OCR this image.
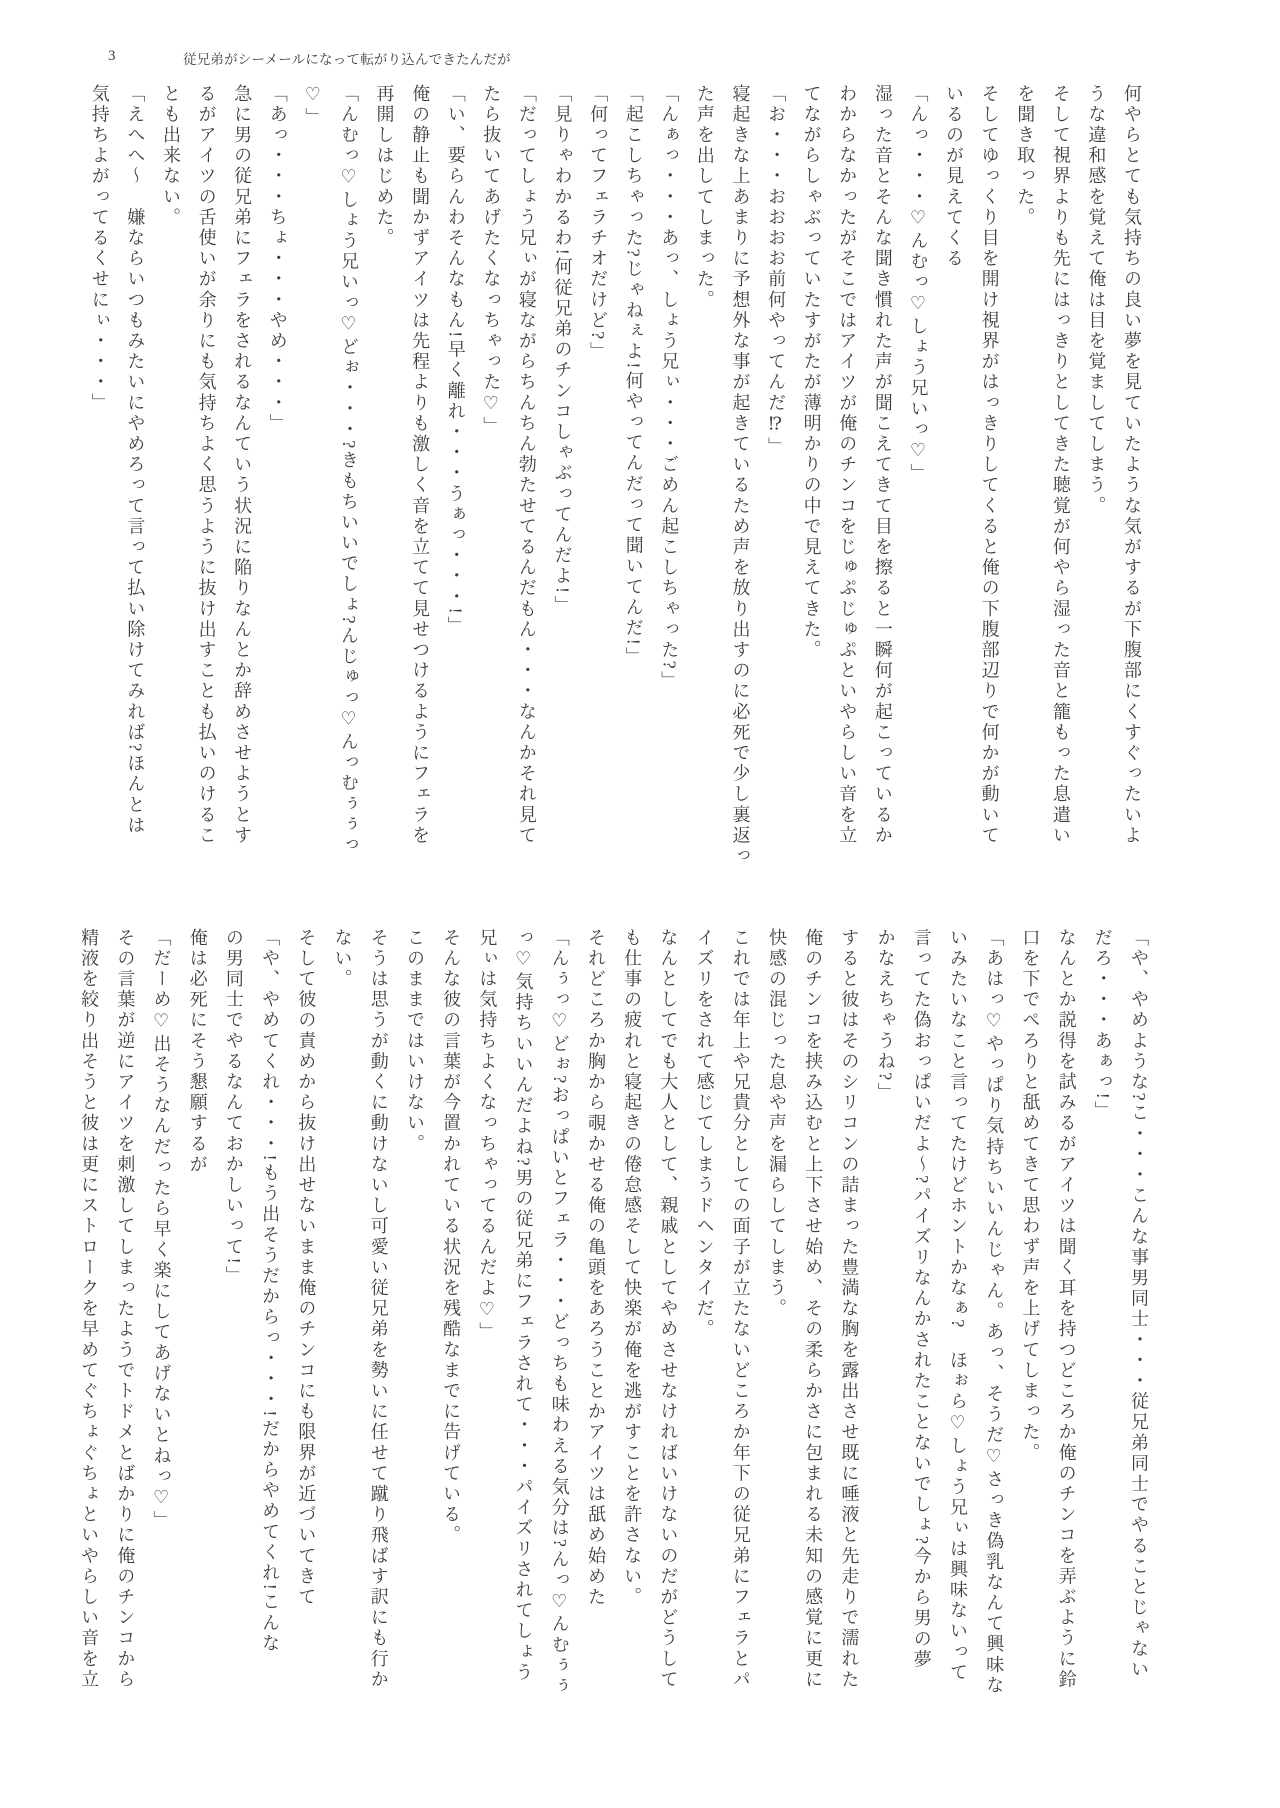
3	従兄弟がシーメールになって転がり込んできたんだが
何やらとても気持ちの良い夢を見ていたような気がするが下腹部にくすぐったいよ
うな違和感を覚えて俺は目を覚ましてしまう。
そして視界よりも先にはっきりとしてきた聴覚が何やら湿った音と籠もった息遣い
を聞き取った。
そしてゆっくり目を開け視界がはっきりしてくると俺の下腹部辺りで何かが動いて
いるのが見えてくる
「んっ・・・♡んむっ♡しょう兄いっ♡」
湿った音とそんな聞き慣れた声が聞こえてきて目を擦ると一瞬何が起こっているか
わからなかったがそこではアイツが俺のチンコをじゅぷじゅぷといやらしい音を立
てながらしゃぶっていたすがたが薄明かりの中で見えてきた。
「お・・・おおおお前何やってんだ⁉」
寝起きな上あまりに予想外な事が起きているため声を放り出すのに必死で少し裏返っ
た声を出してしまった。
「んぁっ・・・あっ、しょう兄ぃ・・・ごめん起こしちゃった?」
「起こしちゃった?じゃねぇよ!何やってんだって聞いてんだ!」
「何ってフェラチオだけど?」
「見りゃわかるわ!何従兄弟のチンコしゃぶってんだよ!」
「だってしょう兄ぃが寝ながらちんちん勃たせてるんだもん・・・なんかそれ見て
たら抜いてあげたくなっちゃった♡」
「い、要らんわそんなもん!早く離れ・・・うぁっ・・・!」
俺の静止も聞かずアイツは先程よりも激しく音を立てて見せつけるようにフェラを
再開しはじめた。
「んむっ♡しょう兄いっ♡どぉ・・・?きもちいいでしょ?んじゅっ♡んっむぅぅっ
♡」
「あっ・・・ちょ・・・やめ・・・」
急に男の従兄弟にフェラをされるなんていう状況に陥りなんとか辞めさせようとす
るがアイツの舌使いが余りにも気持ちよく思うように抜け出すことも払いのけるこ
とも出来ない。
「えへへ～　嫌ならいつもみたいにやめろって言って払い除けてみれば?ほんとは
気持ちよがってるくせにぃ・・・」
「や、やめような?こ・・・こんな事男同士・・・従兄弟同士でやることじゃない
だろ・・・あぁっ!」
なんとか説得を試みるがアイツは聞く耳を持つどころか俺のチンコを弄ぶように鈴
口を下でぺろりと舐めてきて思わず声を上げてしまった。
「あはっ♡やっぱり気持ちいいんじゃん。あっ、そうだ♡さっき偽乳なんて興味な
いみたいなこと言ってたけどホントかなぁ?　ほぉら♡しょう兄ぃは興味ないって
言ってた偽おっぱいだよ～?パイズリなんかされたことないでしょ?今から男の夢
かなえちゃうね?」
すると彼はそのシリコンの詰まった豊満な胸を露出させ既に唾液と先走りで濡れた
俺のチンコを挟み込むと上下させ始め、その柔らかさに包まれる未知の感覚に更に
快感の混じった息や声を漏らしてしまう。
これでは年上や兄貴分としての面子が立たないどころか年下の従兄弟にフェラとパ
イズリをされて感じてしまうドヘンタイだ。
なんとしてでも大人として、親戚としてやめさせなければいけないのだがどうして
も仕事の疲れと寝起きの倦怠感そして快楽が俺を逃がすことを許さない。
それどころか胸から覗かせる俺の亀頭をあろうことかアイツは舐め始めた
「んぅっ♡どぉ?おっぱいとフェラ・・・どっちも味わえる気分は?んっ♡んむぅぅ
っ♡気持ちいいんだよね?男の従兄弟にフェラされて・・・パイズリされてしょう
兄ぃは気持ちよくなっちゃってるんだよ♡」
そんな彼の言葉が今置かれている状況を残酷なまでに告げている。
このままではいけない。
そうは思うが動くに動けないし可愛い従兄弟を勢いに任せて蹴り飛ばす訳にも行か
ない。
そして彼の責めから抜け出せないまま俺のチンコにも限界が近づいてきて
「や、やめてくれ・・・!もう出そうだからっ・・・!だからやめてくれ!こんな
の男同士でやるなんておかしいって!」
俺は必死にそう懇願するが
「だーめ♡出そうなんだったら早く楽にしてあげないとねっ♡」
その言葉が逆にアイツを刺激してしまったようでトドメとばかりに俺のチンコから
精液を絞り出そうと彼は更にストロークを早めてぐちょぐちょといやらしい音を立
